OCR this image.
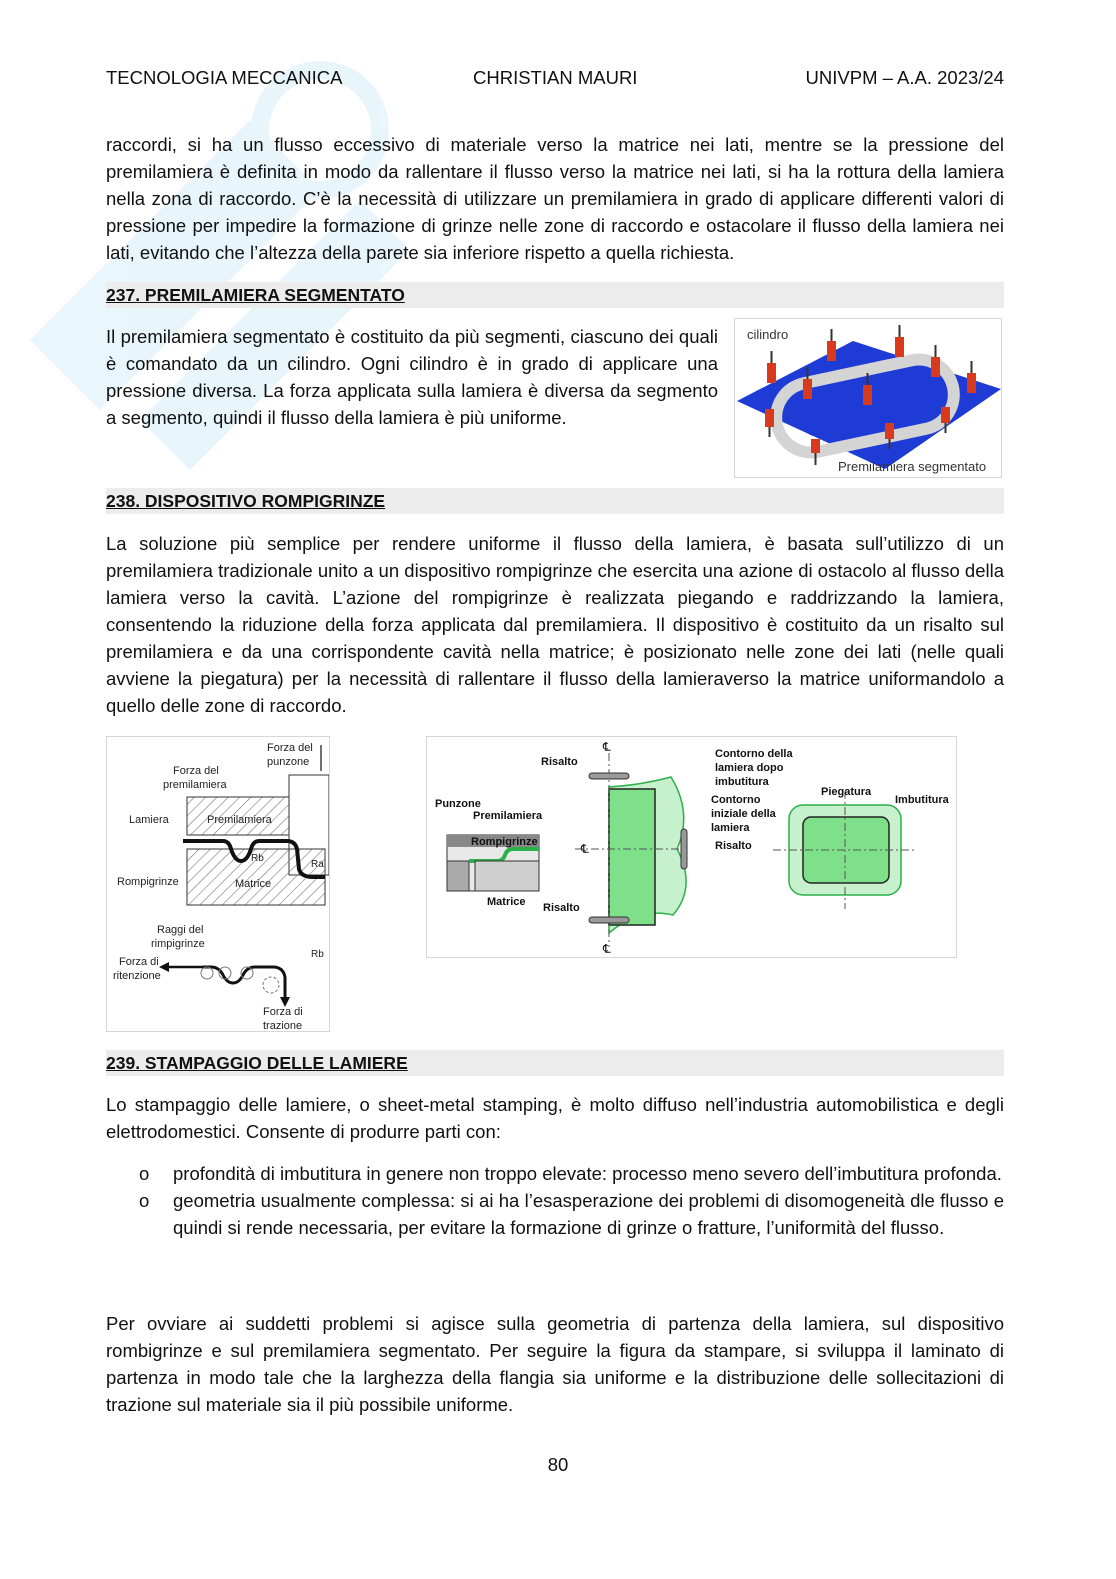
TECNOLOGIA MECCANICA	CHRISTIAN MAURI	UNIVPM – A.A. 2023/24

raccordi, si ha un flusso eccessivo di materiale verso la matrice nei lati, mentre se la pressione del premilamiera è definita in modo da rallentare il flusso verso la matrice nei lati, si ha la rottura della lamiera nella zona di raccordo. C’è la necessità di utilizzare un premilamiera in grado di applicare differenti valori di pressione per impedire la formazione di grinze nelle zone di raccordo e ostacolare il flusso della lamiera nei lati, evitando che l’altezza della parete sia inferiore rispetto a quella richiesta.

237. PREMILAMIERA SEGMENTATO

Il premilamiera segmentato è costituito da più segmenti, ciascuno dei quali è comandato da un cilindro. Ogni cilindro è in grado di applicare una pressione diversa. La forza applicata sulla lamiera è diversa da segmento a segmento, quindi il flusso della lamiera è più uniforme.

cilindro
Premilamiera segmentato
238. DISPOSITIVO ROMPIGRINZE

La soluzione più semplice per rendere uniforme il flusso della lamiera, è basata sull’utilizzo di un premilamiera tradizionale unito a un dispositivo rompigrinze che esercita una azione di ostacolo al flusso della lamiera verso la cavità. L’azione del rompigrinze è realizzata piegando e raddrizzando la lamiera, consentendo la riduzione della forza applicata dal premilamiera. Il dispositivo è costituito da un risalto sul premilamiera e da una corrispondente cavità nella matrice; è posizionato nelle zone dei lati (nelle quali avviene la piegatura) per la necessità di rallentare il flusso della lamieraverso la matrice uniformandolo a quello delle zone di raccordo.

Forza del
punzone
Forza del
premilamiera
Lamiera	Premilamiera
Rb
Ra
Rompigrinze	Matrice
Raggi del
rimpigrinze
Forza di
ritenzione
Rb
Forza di
trazione
Risalto
Contorno della
lamiera dopo
imbutitura
Punzone
Premilamiera
Rompigrinze
Matrice Risalto
Contorno
iniziale della
lamiera
Risalto
Piegatura
Imbutitura
℄
℄
℄
239. STAMPAGGIO DELLE LAMIERE

Lo stampaggio delle lamiere, o sheet-metal stamping, è molto diffuso nell’industria automobilistica e degli elettrodomestici. Consente di produrre parti con:

o profondità di imbutitura in genere non troppo elevate: processo meno severo dell’imbutitura profonda.
o geometria usualmente complessa: si ai ha l’esasperazione dei problemi di disomogeneità dle flusso e quindi si rende necessaria, per evitare la formazione di grinze o fratture, l’uniformità del flusso.

Per ovviare ai suddetti problemi si agisce sulla geometria di partenza della lamiera, sul dispositivo rombigrinze e sul premilamiera segmentato. Per seguire la figura da stampare, si sviluppa il laminato di partenza in modo tale che la larghezza della flangia sia uniforme e la distribuzione delle sollecitazioni di trazione sul materiale sia il più possibile uniforme.

80
